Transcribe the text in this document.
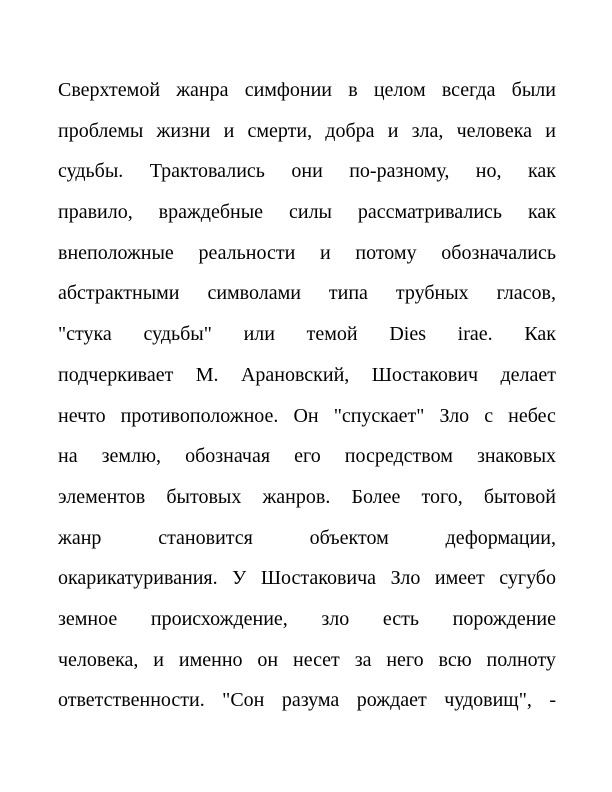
Сверхтемой жанра симфонии в целом всегда были
проблемы жизни и смерти, добра и зла, человека и
судьбы. Трактовались они по-разному, но, как
правило, враждебные силы рассматривались как
внеположные реальности и потому обозначались
абстрактными символами типа трубных гласов,
"стука судьбы" или темой Dies irae. Как
подчеркивает М. Арановский, Шостакович делает
нечто противоположное. Он "спускает" Зло с небес
на землю, обозначая его посредством знаковых
элементов бытовых жанров. Более того, бытовой
жанр	становится	объектом	деформации,
окарикатуривания. У Шостаковича Зло имеет сугубо
земное происхождение, зло есть порождение
человека, и именно он несет за него всю полноту
ответственности. "Сон разума рождает чудовищ", -
